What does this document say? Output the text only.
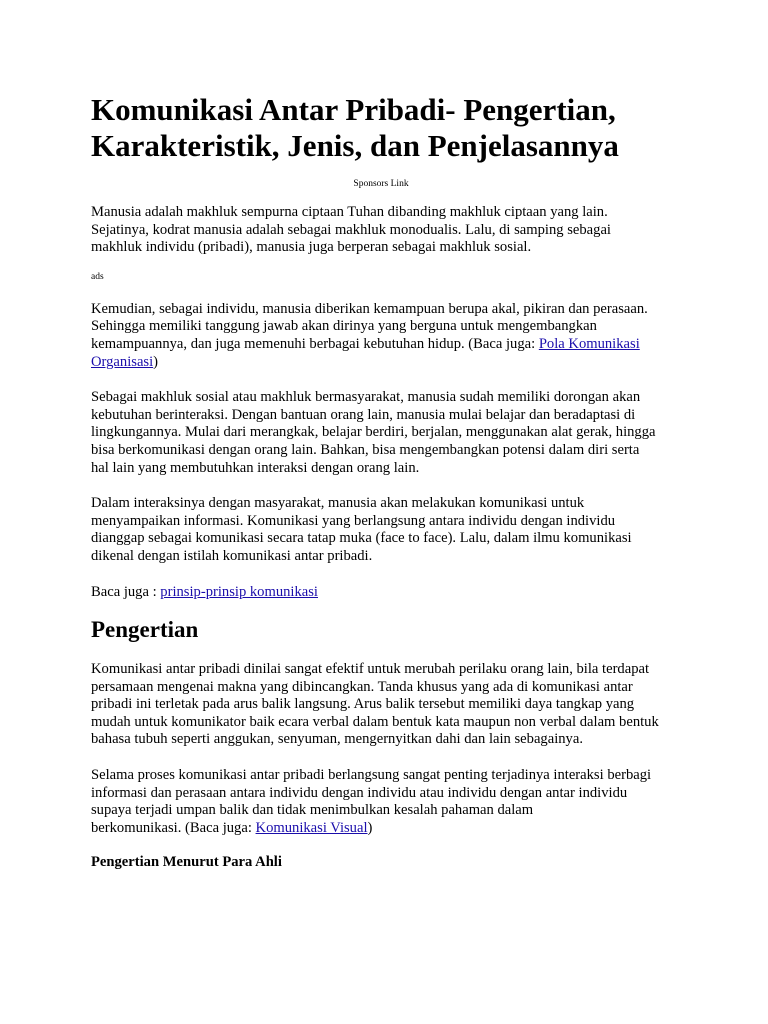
Komunikasi Antar Pribadi- Pengertian,
Karakteristik, Jenis, dan Penjelasannya

Sponsors Link

Manusia adalah makhluk sempurna ciptaan Tuhan dibanding makhluk ciptaan yang lain.
Sejatinya, kodrat manusia adalah sebagai makhluk monodualis. Lalu, di samping sebagai
makhluk individu (pribadi), manusia juga berperan sebagai makhluk sosial.

ads

Kemudian, sebagai individu, manusia diberikan kemampuan berupa akal, pikiran dan perasaan.
Sehingga memiliki tanggung jawab akan dirinya yang berguna untuk mengembangkan
kemampuannya, dan juga memenuhi berbagai kebutuhan hidup. (Baca juga: Pola Komunikasi
Organisasi)

Sebagai makhluk sosial atau makhluk bermasyarakat, manusia sudah memiliki dorongan akan
kebutuhan berinteraksi. Dengan bantuan orang lain, manusia mulai belajar dan beradaptasi di
lingkungannya. Mulai dari merangkak, belajar berdiri, berjalan, menggunakan alat gerak, hingga
bisa berkomunikasi dengan orang lain. Bahkan, bisa mengembangkan potensi dalam diri serta
hal lain yang membutuhkan interaksi dengan orang lain.

Dalam interaksinya dengan masyarakat, manusia akan melakukan komunikasi untuk
menyampaikan informasi. Komunikasi yang berlangsung antara individu dengan individu
dianggap sebagai komunikasi secara tatap muka (face to face). Lalu, dalam ilmu komunikasi
dikenal dengan istilah komunikasi antar pribadi.

Baca juga : prinsip-prinsip komunikasi

Pengertian

Komunikasi antar pribadi dinilai sangat efektif untuk merubah perilaku orang lain, bila terdapat
persamaan mengenai makna yang dibincangkan. Tanda khusus yang ada di komunikasi antar
pribadi ini terletak pada arus balik langsung. Arus balik tersebut memiliki daya tangkap yang
mudah untuk komunikator baik ecara verbal dalam bentuk kata maupun non verbal dalam bentuk
bahasa tubuh seperti anggukan, senyuman, mengernyitkan dahi dan lain sebagainya.

Selama proses komunikasi antar pribadi berlangsung sangat penting terjadinya interaksi berbagi
informasi dan perasaan antara individu dengan individu atau individu dengan antar individu
supaya terjadi umpan balik dan tidak menimbulkan kesalah pahaman dalam
berkomunikasi. (Baca juga: Komunikasi Visual)

Pengertian Menurut Para Ahli
